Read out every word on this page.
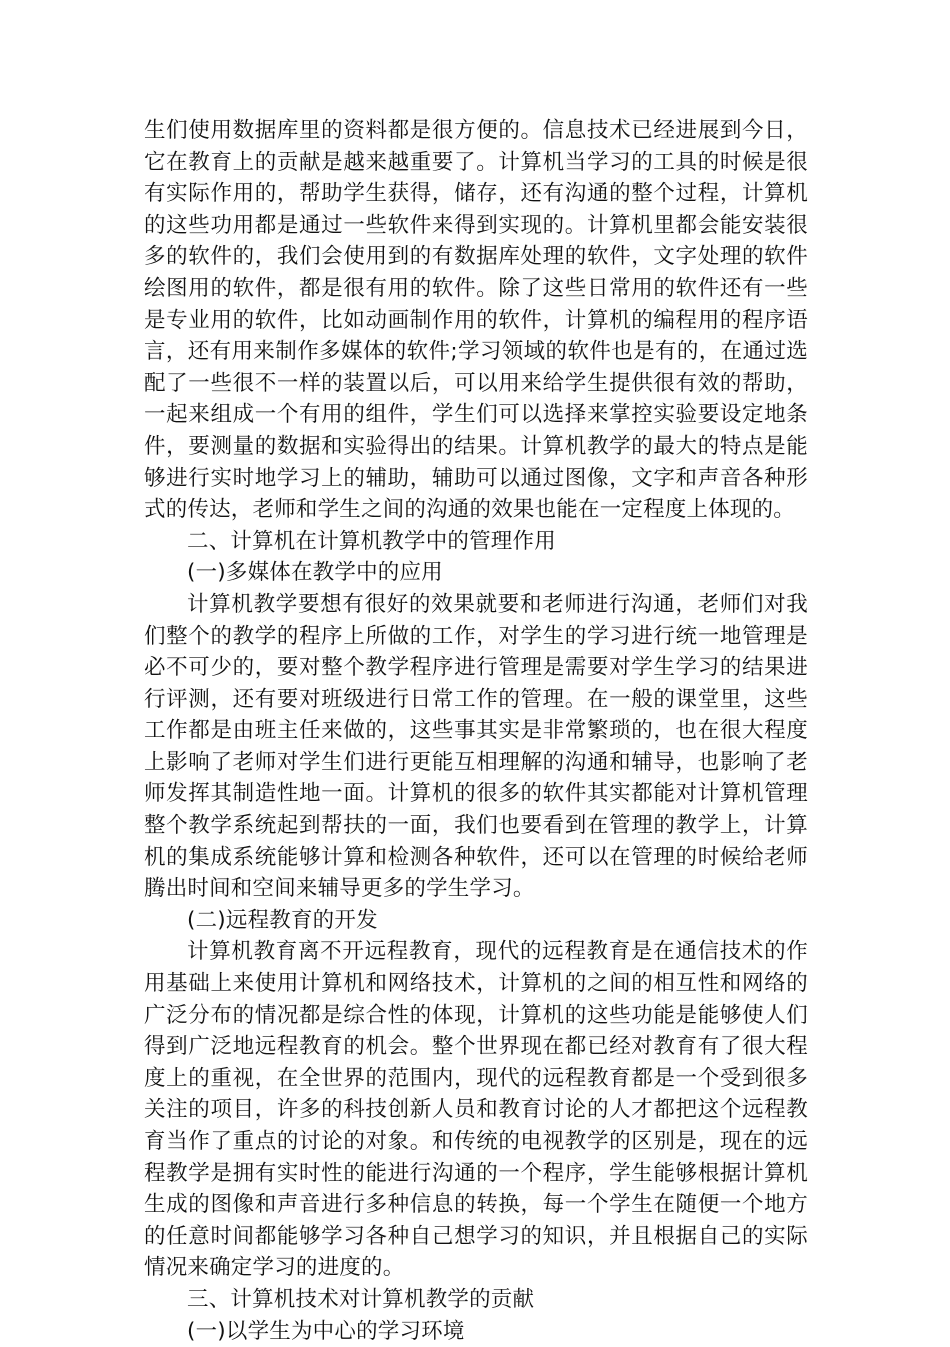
生们使用数据库里的资料都是很方便的。信息技术已经进展到今日，它在教育上的贡献是越来越重要了。计算机当学习的工具的时候是很有实际作用的，帮助学生获得，储存，还有沟通的整个过程，计算机的这些功用都是通过一些软件来得到实现的。计算机里都会能安装很多的软件的，我们会使用到的有数据库处理的软件，文字处理的软件绘图用的软件，都是很有用的软件。除了这些日常用的软件还有一些是专业用的软件，比如动画制作用的软件，计算机的编程用的程序语言，还有用来制作多媒体的软件;学习领域的软件也是有的，在通过选配了一些很不一样的装置以后，可以用来给学生提供很有效的帮助，一起来组成一个有用的组件，学生们可以选择来掌控实验要设定地条件，要测量的数据和实验得出的结果。计算机教学的最大的特点是能够进行实时地学习上的辅助，辅助可以通过图像，文字和声音各种形式的传达，老师和学生之间的沟通的效果也能在一定程度上体现的。

二、计算机在计算机教学中的管理作用

(一)多媒体在教学中的应用

计算机教学要想有很好的效果就要和老师进行沟通，老师们对我们整个的教学的程序上所做的工作，对学生的学习进行统一地管理是必不可少的，要对整个教学程序进行管理是需要对学生学习的结果进行评测，还有要对班级进行日常工作的管理。在一般的课堂里，这些工作都是由班主任来做的，这些事其实是非常繁琐的，也在很大程度上影响了老师对学生们进行更能互相理解的沟通和辅导，也影响了老师发挥其制造性地一面。计算机的很多的软件其实都能对计算机管理整个教学系统起到帮扶的一面，我们也要看到在管理的教学上，计算机的集成系统能够计算和检测各种软件，还可以在管理的时候给老师腾出时间和空间来辅导更多的学生学习。

(二)远程教育的开发

计算机教育离不开远程教育，现代的远程教育是在通信技术的作用基础上来使用计算机和网络技术，计算机的之间的相互性和网络的广泛分布的情况都是综合性的体现，计算机的这些功能是能够使人们得到广泛地远程教育的机会。整个世界现在都已经对教育有了很大程度上的重视，在全世界的范围内，现代的远程教育都是一个受到很多关注的项目，许多的科技创新人员和教育讨论的人才都把这个远程教育当作了重点的讨论的对象。和传统的电视教学的区别是，现在的远程教学是拥有实时性的能进行沟通的一个程序，学生能够根据计算机生成的图像和声音进行多种信息的转换，每一个学生在随便一个地方的任意时间都能够学习各种自己想学习的知识，并且根据自己的实际情况来确定学习的进度的。

三、计算机技术对计算机教学的贡献

(一)以学生为中心的学习环境
